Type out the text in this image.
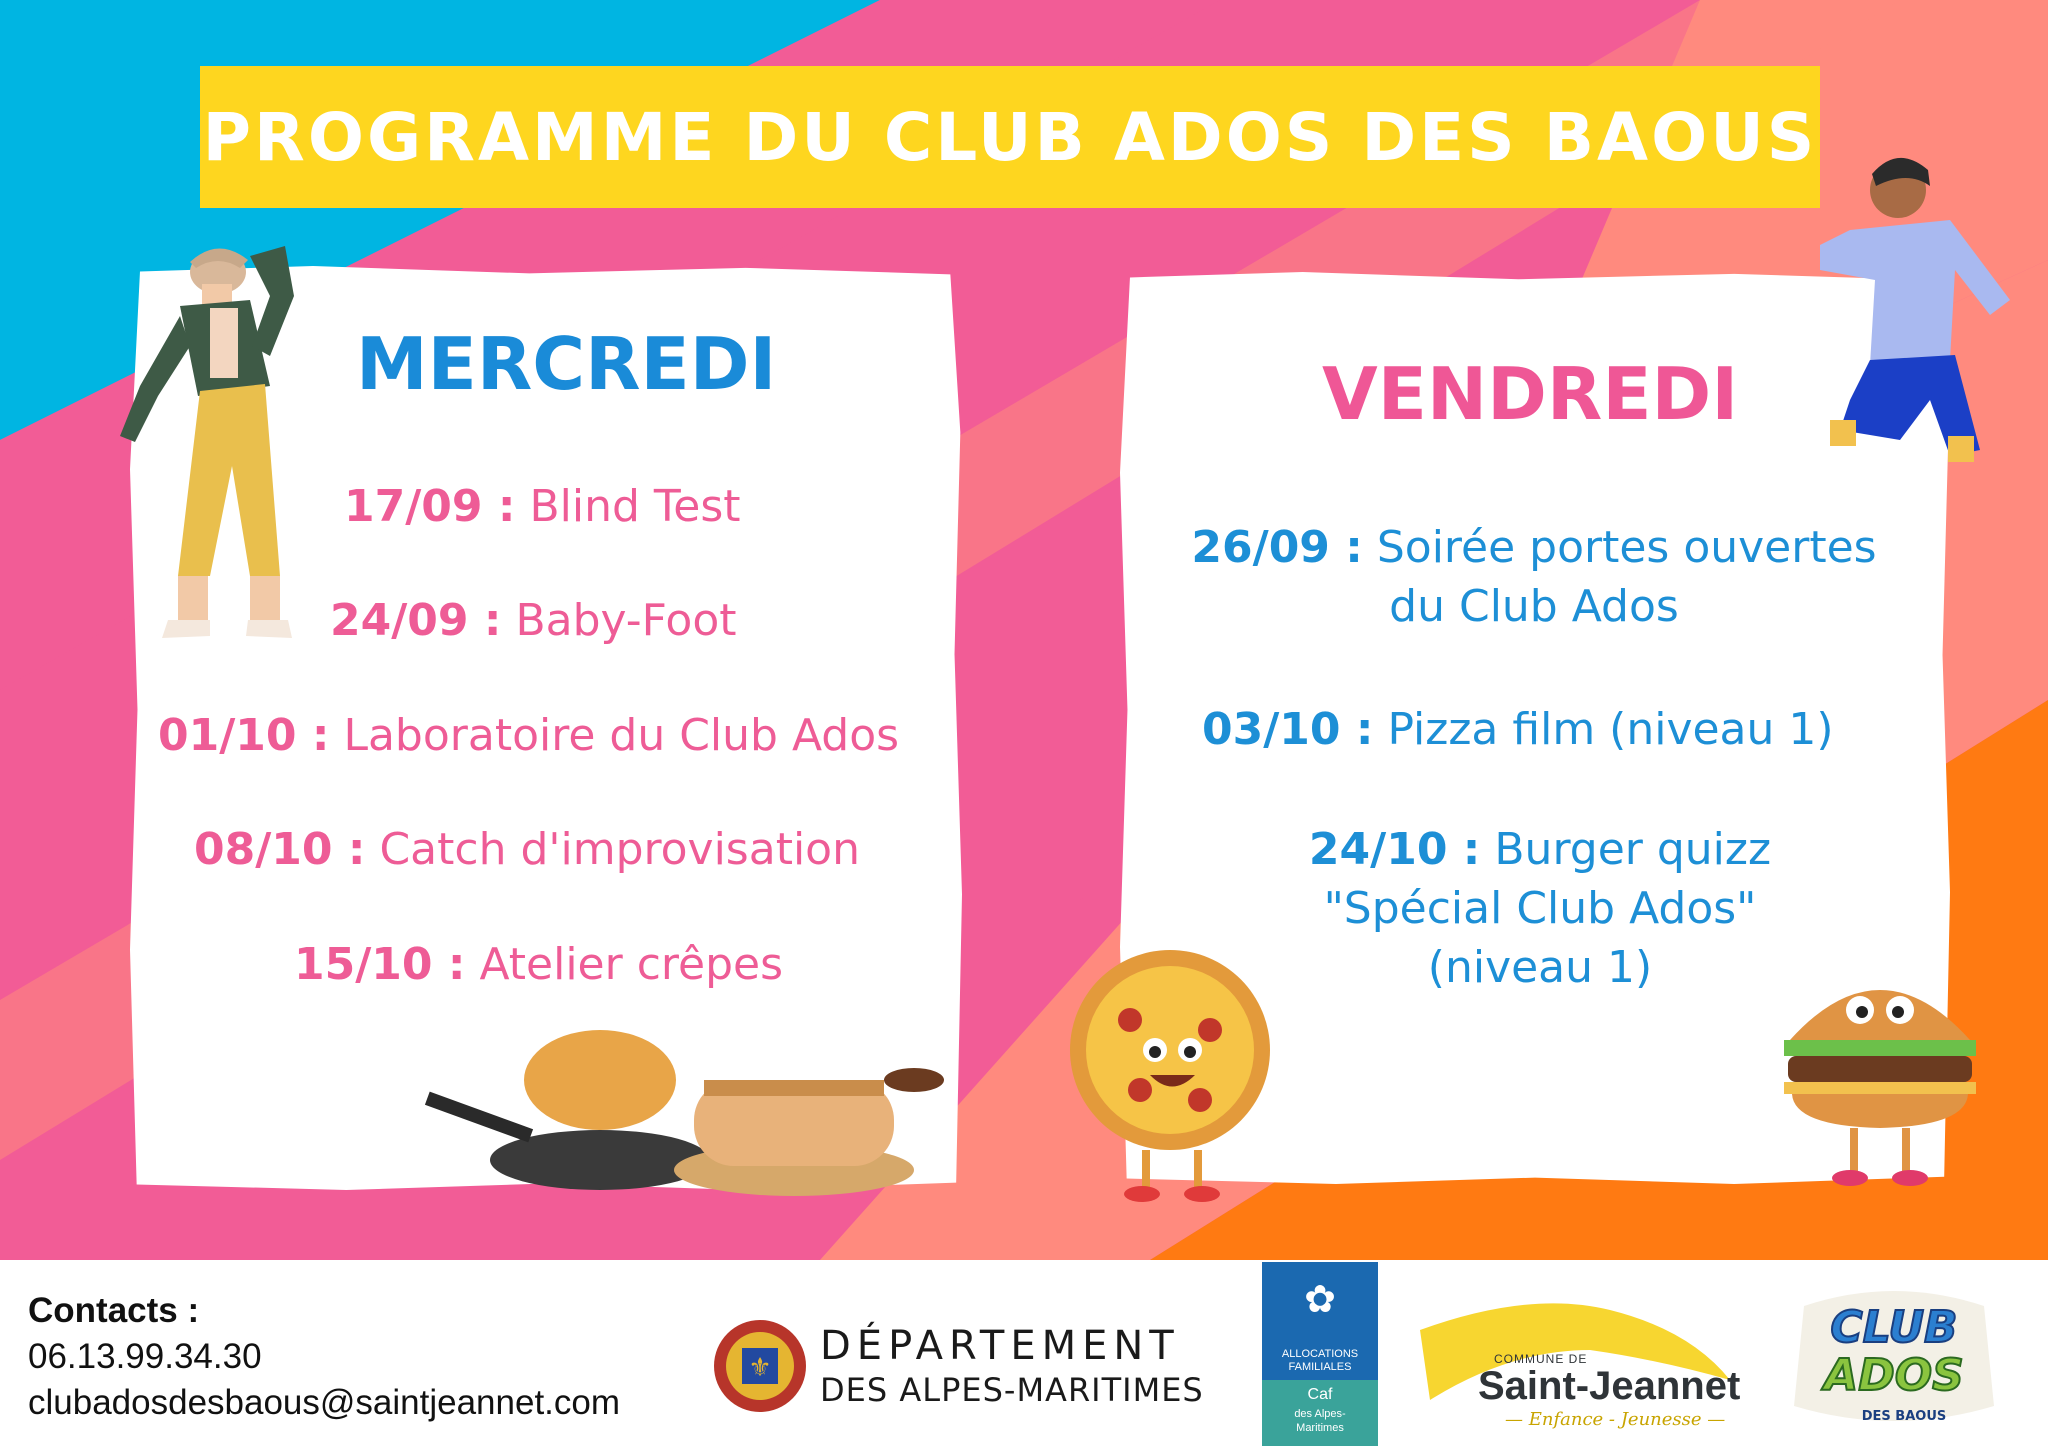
PROGRAMME DU CLUB ADOS DES BAOUS
MERCREDI	VENDREDI
17/09 : Blind Test
24/09 : Baby-Foot
01/10 : Laboratoire du Club Ados
08/10 : Catch d'improvisation
15/10 : Atelier crêpes
26/09 : Soirée portes ouvertes
du Club Ados
03/10 : Pizza film (niveau 1)
24/10 : Burger quizz
"Spécial Club Ados"
(niveau 1)
Contacts :
06.13.99.34.30
clubadosdesbaous@saintjeannet.com
⚜ DÉPARTEMENT
DES ALPES-MARITIMES
✿
ALLOCATIONS
FAMILIALES
Caf
des Alpes-
Maritimes
COMMUNE DE
Saint-Jeannet
— Enfance - Jeunesse —
CLUB
ADOS
DES BAOUS
